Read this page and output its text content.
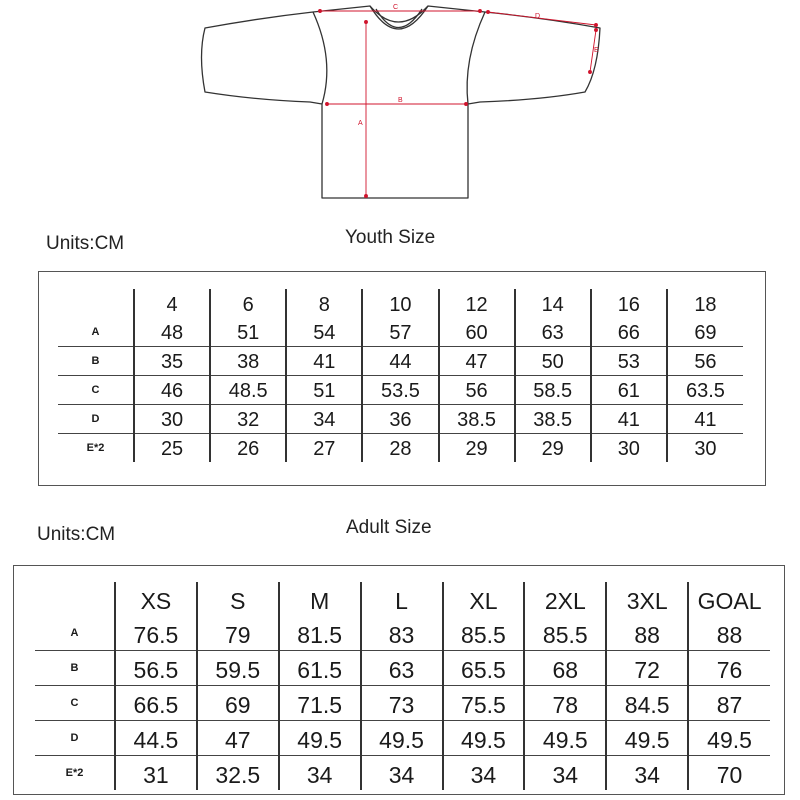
A
B
C
D
E
Units:CM	Youth Size
	4	6	8	10	12	14	16	18
A	48	51	54	57	60	63	66	69
B	35	38	41	44	47	50	53	56
C	46	48.5	51	53.5	56	58.5	61	63.5
D	30	32	34	36	38.5	38.5	41	41
E*2	25	26	27	28	29	29	30	30
Units:CM	Adult Size
	XS	S	M	L	XL	2XL	3XL	GOAL
A	76.5	79	81.5	83	85.5	85.5	88	88
B	56.5	59.5	61.5	63	65.5	68	72	76
C	66.5	69	71.5	73	75.5	78	84.5	87
D	44.5	47	49.5	49.5	49.5	49.5	49.5	49.5
E*2	31	32.5	34	34	34	34	34	70
